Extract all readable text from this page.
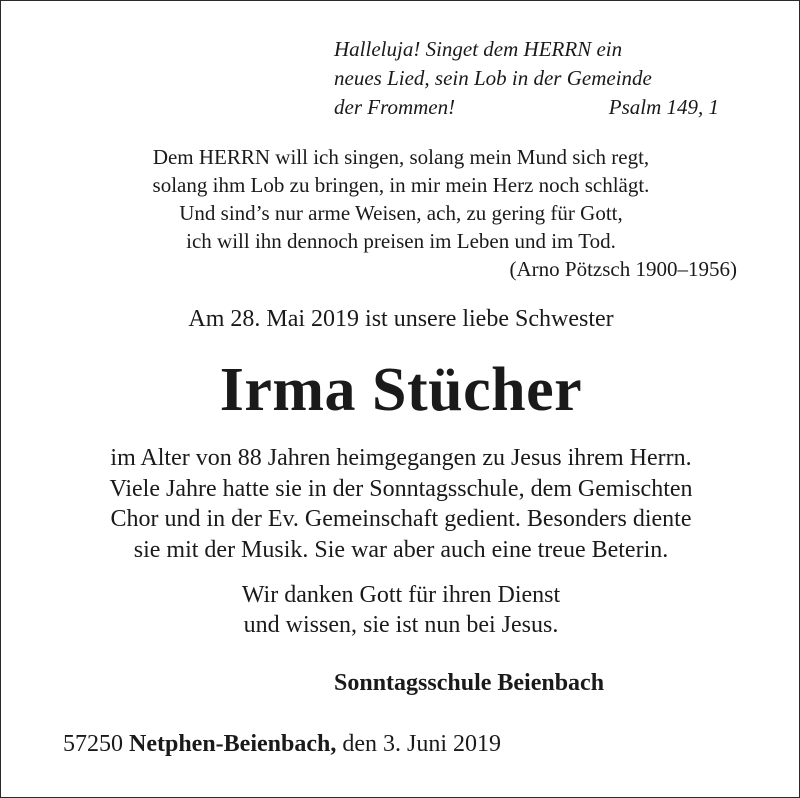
Halleluja! Singet dem HERRN ein
neues Lied, sein Lob in der Gemeinde
der Frommen!	Psalm 149, 1
Dem HERRN will ich singen, solang mein Mund sich regt,
solang ihm Lob zu bringen, in mir mein Herz noch schlägt.
Und sind’s nur arme Weisen, ach, zu gering für Gott,
ich will ihn dennoch preisen im Leben und im Tod.
(Arno Pötzsch 1900–1956)
Am 28. Mai 2019 ist unsere liebe Schwester
Irma Stücher
im Alter von 88 Jahren heimgegangen zu Jesus ihrem Herrn.
Viele Jahre hatte sie in der Sonntagsschule, dem Gemischten
Chor und in der Ev. Gemeinschaft gedient. Besonders diente
sie mit der Musik. Sie war aber auch eine treue Beterin.
Wir danken Gott für ihren Dienst
und wissen, sie ist nun bei Jesus.
Sonntagsschule Beienbach
57250 Netphen-Beienbach, den 3. Juni 2019
